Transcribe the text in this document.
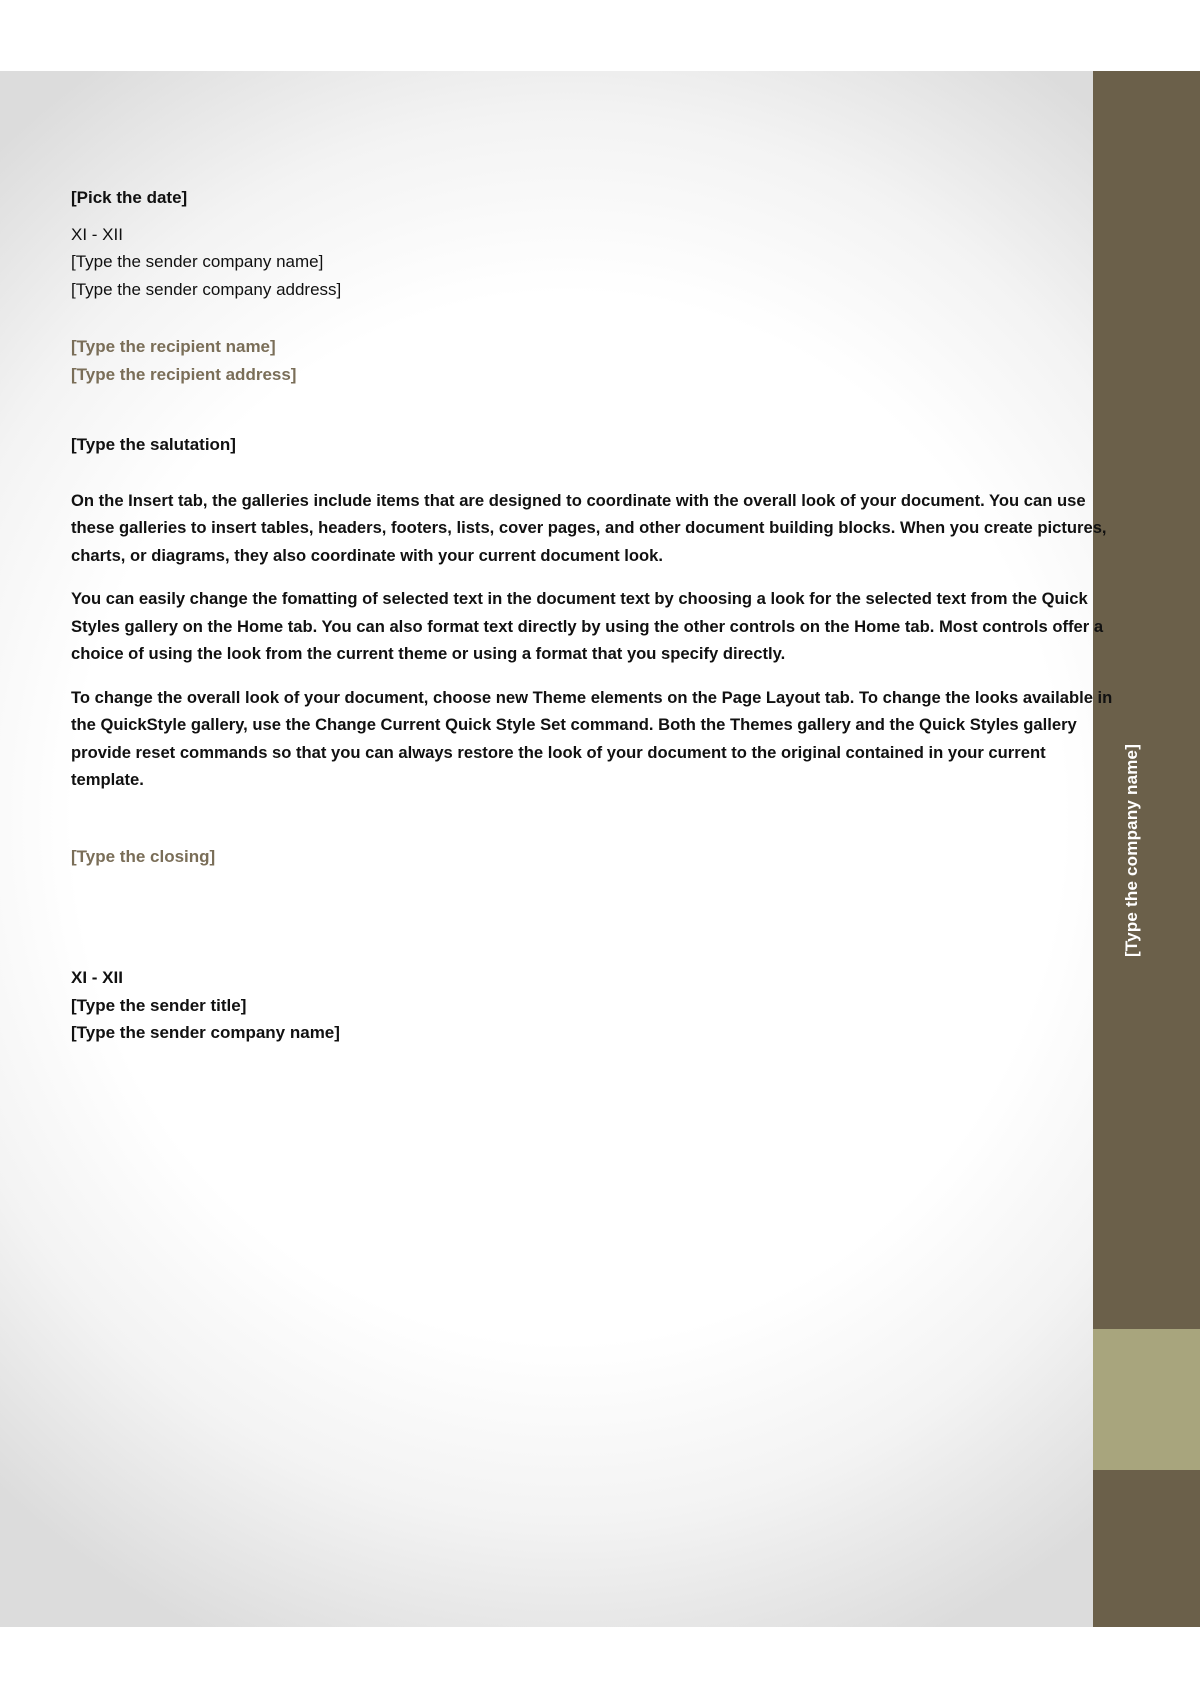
[Type the company name]
[Pick the date]
XI - XII
[Type the sender company name]
[Type the sender company address]
[Type the recipient name]
[Type the recipient address]
[Type the salutation]

On the Insert tab, the galleries include items that are designed to coordinate with the overall look of your document. You can use these galleries to insert tables, headers, footers, lists, cover pages, and other document building blocks. When you create pictures, charts, or diagrams, they also coordinate with your current document look.

You can easily change the fomatting of selected text in the document text by choosing a look for the selected text from the Quick Styles gallery on the Home tab. You can also format text directly by using the other controls on the Home tab. Most controls offer a choice of using the look from the current theme or using a format that you specify directly.

To change the overall look of your document, choose new Theme elements on the Page Layout tab. To change the looks available in the QuickStyle gallery, use the Change Current Quick Style Set command. Both the Themes gallery and the Quick Styles gallery provide reset commands so that you can always restore the look of your document to the original contained in your current template.

[Type the closing]
XI - XII
[Type the sender title]
[Type the sender company name]
